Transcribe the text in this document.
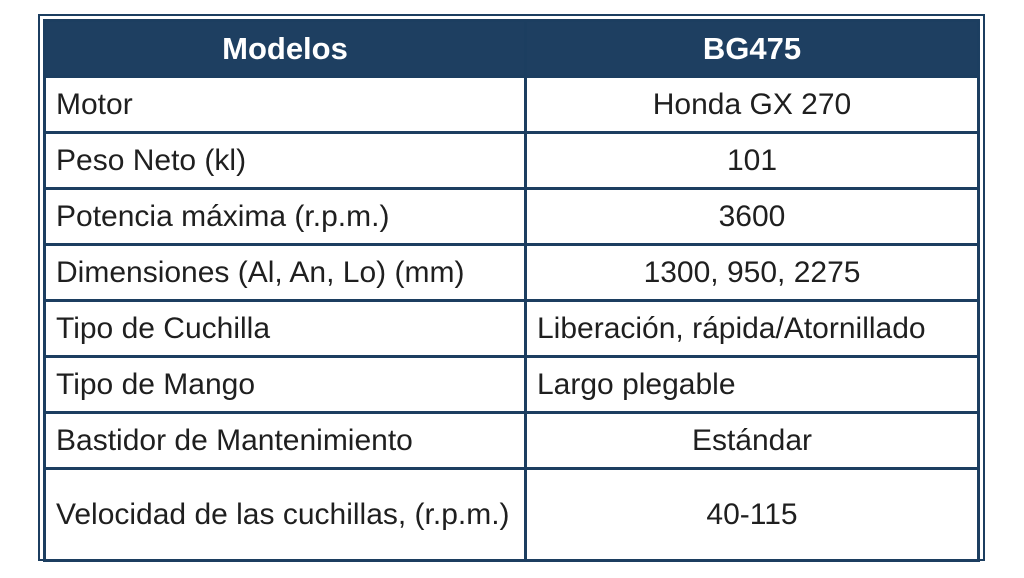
Modelos	BG475
Motor	Honda GX 270
Peso Neto (kl)	101
Potencia máxima (r.p.m.)	3600
Dimensiones (Al, An, Lo) (mm)	1300, 950, 2275
Tipo de Cuchilla	Liberación, rápida/Atornillado
Tipo de Mango	Largo plegable
Bastidor de Mantenimiento	Estándar
Velocidad de las cuchillas, (r.p.m.)	40-115
